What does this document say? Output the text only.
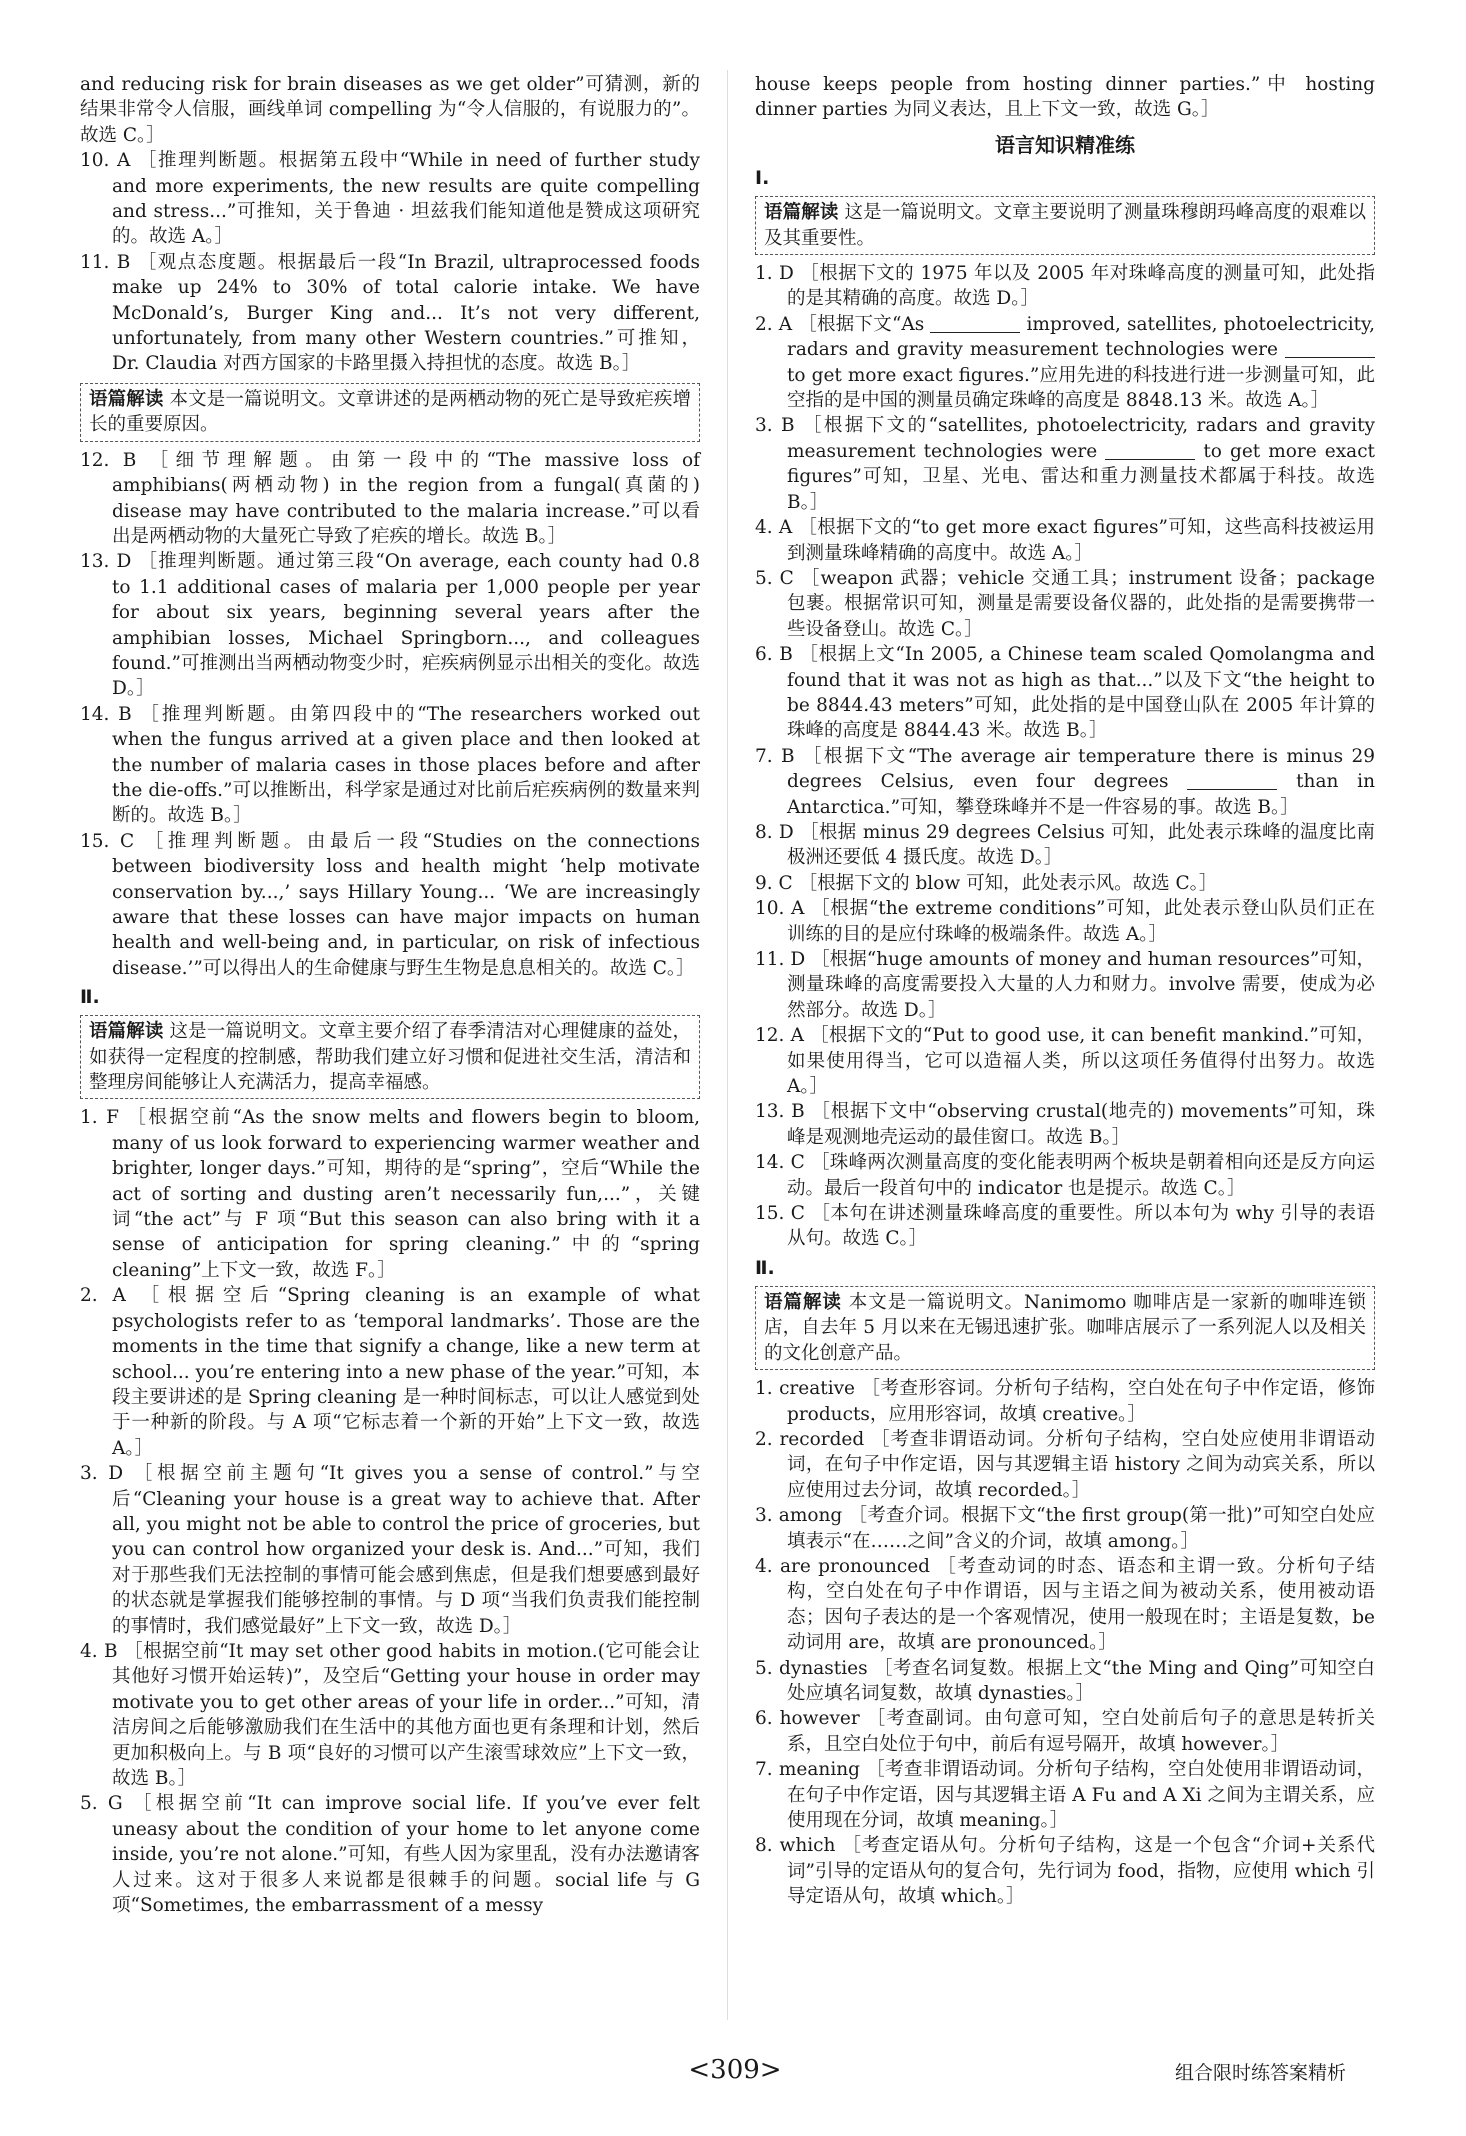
and reducing risk for brain diseases as we get older”可猜测，新的结果非常令人信服，画线单词 compelling 为“令人信服的，有说服力的”。故选 C。］

10. A ［推理判断题。根据第五段中“While in need of further study and more experiments, the new results are quite compelling and stress...”可推知，关于鲁迪 · 坦兹我们能知道他是赞成这项研究的。故选 A。］

11. B ［观点态度题。根据最后一段“In Brazil, ultraprocessed foods make up 24% to 30% of total calorie intake. We have McDonald’s, Burger King and... It’s not very different, unfortunately, from many other Western countries.”可推知，Dr. Claudia 对西方国家的卡路里摄入持担忧的态度。故选 B。］

语篇解读 本文是一篇说明文。文章讲述的是两栖动物的死亡是导致疟疾增长的重要原因。

12. B ［细节理解题。由第一段中的“The massive loss of amphibians(两栖动物) in the region from a fungal(真菌的) disease may have contributed to the malaria increase.”可以看出是两栖动物的大量死亡导致了疟疾的增长。故选 B。］

13. D ［推理判断题。通过第三段“On average, each county had 0.8 to 1.1 additional cases of malaria per 1,000 people per year for about six years, beginning several years after the amphibian losses, Michael Springborn..., and colleagues found.”可推测出当两栖动物变少时，疟疾病例显示出相关的变化。故选 D。］

14. B ［推理判断题。由第四段中的“The researchers worked out when the fungus arrived at a given place and then looked at the number of malaria cases in those places before and after the die-offs.”可以推断出，科学家是通过对比前后疟疾病例的数量来判断的。故选 B。］

15. C ［推理判断题。由最后一段“Studies on the connections between biodiversity loss and health might ‘help motivate conservation by...,’ says Hillary Young... ‘We are increasingly aware that these losses can have major impacts on human health and well-being and, in particular, on risk of infectious disease.’”可以得出人的生命健康与野生生物是息息相关的。故选 C。］

Ⅱ.
语篇解读 这是一篇说明文。文章主要介绍了春季清洁对心理健康的益处，如获得一定程度的控制感，帮助我们建立好习惯和促进社交生活，清洁和整理房间能够让人充满活力，提高幸福感。

1. F ［根据空前“As the snow melts and flowers begin to bloom, many of us look forward to experiencing warmer weather and brighter, longer days.”可知，期待的是“spring”，空后“While the act of sorting and dusting aren’t necessarily fun,...”，关键词“the act”与 F 项“But this season can also bring with it a sense of anticipation for spring cleaning.”中的“spring cleaning”上下文一致，故选 F。］

2. A ［根据空后“Spring cleaning is an example of what psychologists refer to as ‘temporal landmarks’. Those are the moments in the time that signify a change, like a new term at school... you’re entering into a new phase of the year.”可知，本段主要讲述的是 Spring cleaning 是一种时间标志，可以让人感觉到处于一种新的阶段。与 A 项“它标志着一个新的开始”上下文一致，故选 A。］

3. D ［根据空前主题句“It gives you a sense of control.”与空后“Cleaning your house is a great way to achieve that. After all, you might not be able to control the price of groceries, but you can control how organized your desk is. And...”可知，我们对于那些我们无法控制的事情可能会感到焦虑，但是我们想要感到最好的状态就是掌握我们能够控制的事情。与 D 项“当我们负责我们能控制的事情时，我们感觉最好”上下文一致，故选 D。］

4. B ［根据空前“It may set other good habits in motion.(它可能会让其他好习惯开始运转)”，及空后“Getting your house in order may motivate you to get other areas of your life in order...”可知，清洁房间之后能够激励我们在生活中的其他方面也更有条理和计划，然后更加积极向上。与 B 项“良好的习惯可以产生滚雪球效应”上下文一致，故选 B。］

5. G ［根据空前“It can improve social life. If you’ve ever felt uneasy about the condition of your home to let anyone come inside, you’re not alone.”可知，有些人因为家里乱，没有办法邀请客人过来。这对于很多人来说都是很棘手的问题。social life 与 G 项“Sometimes, the embarrassment of a messy

house keeps people from hosting dinner parties.”中 hosting dinner parties 为同义表达，且上下文一致，故选 G。］

语言知识精准练
Ⅰ.
语篇解读 这是一篇说明文。文章主要说明了测量珠穆朗玛峰高度的艰难以及其重要性。

1. D ［根据下文的 1975 年以及 2005 年对珠峰高度的测量可知，此处指的是其精确的高度。故选 D。］

2. A ［根据下文“As	improved, satellites, photoelectricity, radars and gravity measurement technologies were  to get more exact figures.”应用先进的科技进行进一步测量可知，此空指的是中国的测量员确定珠峰的高度是 8848.13 米。故选 A。］

3. B ［根据下文的“satellites, photoelectricity, radars and gravity measurement technologies were	to get more exact figures”可知，卫星、光电、雷达和重力测量技术都属于科技。故选 B。］

4. A ［根据下文的“to get more exact figures”可知，这些高科技被运用到测量珠峰精确的高度中。故选 A。］

5. C ［weapon 武器；vehicle 交通工具；instrument 设备；package 包裹。根据常识可知，测量是需要设备仪器的，此处指的是需要携带一些设备登山。故选 C。］

6. B ［根据上文“In 2005, a Chinese team scaled Qomolangma and found that it was not as high as that...”以及下文“the height to be 8844.43 meters”可知，此处指的是中国登山队在 2005 年计算的珠峰的高度是 8844.43 米。故选 B。］

7. B ［根据下文“The average air temperature there is minus 29 degrees Celsius, even four degrees	than in Antarctica.”可知，攀登珠峰并不是一件容易的事。故选 B。］

8. D ［根据 minus 29 degrees Celsius 可知，此处表示珠峰的温度比南极洲还要低 4 摄氏度。故选 D。］

9. C ［根据下文的 blow 可知，此处表示风。故选 C。］

10. A ［根据“the extreme conditions”可知，此处表示登山队员们正在训练的目的是应付珠峰的极端条件。故选 A。］

11. D ［根据“huge amounts of money and human resources”可知，测量珠峰的高度需要投入大量的人力和财力。involve 需要，使成为必然部分。故选 D。］

12. A ［根据下文的“Put to good use, it can benefit mankind.”可知，如果使用得当，它可以造福人类，所以这项任务值得付出努力。故选 A。］

13. B ［根据下文中“observing crustal(地壳的) movements”可知，珠峰是观测地壳运动的最佳窗口。故选 B。］

14. C ［珠峰两次测量高度的变化能表明两个板块是朝着相向还是反方向运动。最后一段首句中的 indicator 也是提示。故选 C。］

15. C ［本句在讲述测量珠峰高度的重要性。所以本句为 why 引导的表语从句。故选 C。］

Ⅱ.
语篇解读 本文是一篇说明文。Nanimomo 咖啡店是一家新的咖啡连锁店，自去年 5 月以来在无锡迅速扩张。咖啡店展示了一系列泥人以及相关的文化创意产品。

1. creative ［考查形容词。分析句子结构，空白处在句子中作定语，修饰 products，应用形容词，故填 creative。］

2. recorded ［考查非谓语动词。分析句子结构，空白处应使用非谓语动词，在句子中作定语，因与其逻辑主语 history 之间为动宾关系，所以应使用过去分词，故填 recorded。］

3. among ［考查介词。根据下文“the first group(第一批)”可知空白处应填表示“在……之间”含义的介词，故填 among。］

4. are pronounced ［考查动词的时态、语态和主谓一致。分析句子结构，空白处在句子中作谓语，因与主语之间为被动关系，使用被动语态；因句子表达的是一个客观情况，使用一般现在时；主语是复数，be 动词用 are，故填 are pronounced。］

5. dynasties ［考查名词复数。根据上文“the Ming and Qing”可知空白处应填名词复数，故填 dynasties。］

6. however ［考查副词。由句意可知，空白处前后句子的意思是转折关系，且空白处位于句中，前后有逗号隔开，故填 however。］

7. meaning ［考查非谓语动词。分析句子结构，空白处使用非谓语动词，在句子中作定语，因与其逻辑主语 A Fu and A Xi 之间为主谓关系，应使用现在分词，故填 meaning。］

8. which ［考查定语从句。分析句子结构，这是一个包含“介词+关系代词”引导的定语从句的复合句，先行词为 food，指物，应使用 which 引导定语从句，故填 which。］

<309>	组合限时练答案精析
